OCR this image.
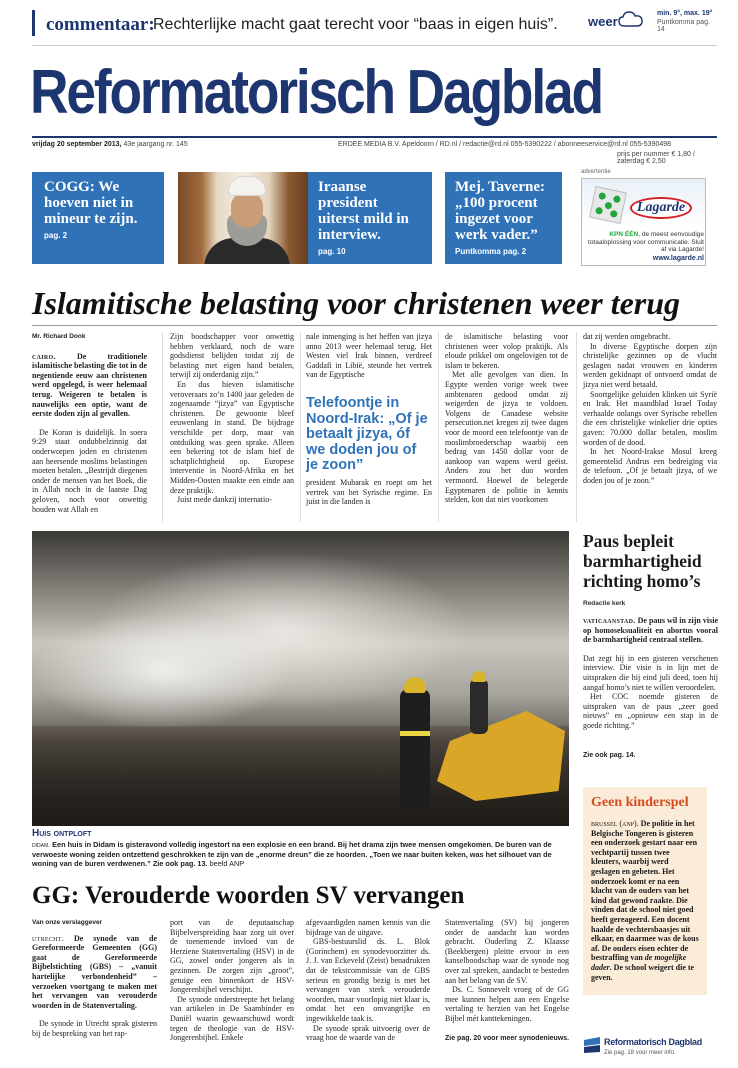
commentaar:
Rechterlijke macht gaat terecht voor “baas in eigen huis”. weer
min. 9°, max. 19°
Puntkomma pag. 14
Reformatorisch Dagblad
vrijdag 20 september 2013, 43e jaargang nr. 145	ERDEE MEDIA B.V. Apeldoorn / RD.nl / redactie@rd.nl 055-5390222 / abonneeservice@rd.nl 055-5390498
prijs per nummer € 1,80 / zaterdag € 2,50
COGG: We hoeven niet in mineur te zijn.
pag. 2
Iraanse president uiterst mild in interview.
pag. 10
Mej. Taverne: „100 procent ingezet voor werk vader.”
Puntkomma pag. 2
advertentie
Lagarde
KPN ÉÉN, de meest eenvoudige totaaloplossing voor communicatie. Sluit af via Lagarde!
www.lagarde.nl
Islamitische belasting voor christenen weer terug
Mr. Richard Donk

cairo.	De traditionele islamitische belasting die tot in de negentiende eeuw aan christenen werd opgelegd, is weer helemaal terug. Weigeren te betalen is nauwelijks een optie, want de eerste doden zijn al gevallen.

De Koran is duidelijk. In soera 9:29 staat ondubbelzinnig dat onderworpen joden en christenen aan heersende moslims belastingen moeten betalen. „Bestrijdt diegenen onder de mensen van het Boek, die in Allah noch in de laatste Dag geloven, noch voor onwettig houden wat Allah en

Zijn boodschapper voor onwettig hebben verklaard, noch de ware godsdienst belijden totdat zij de belasting met eigen hand betalen, terwijl zij onderdanig zijn.”

En dus hieven islamitische veroveraars zo’n 1400 jaar geleden de zogenaamde “jizya” van Egyptische christenen. De gewoonte bleef eeuwenlang in stand. De bijdrage verschilde per dorp, maar van ontduiking was geen sprake. Alleen een bekering tot de islam hief de schatplichtigheid op. Europese interventie in Noord-Afrika en het Midden-Oosten maakte een einde aan deze praktijk.

Juist mede dankzij internatio-

nale inmenging is het heffen van jizya anno 2013 weer helemaal terug. Het Westen viel Irak binnen, verdreef Gaddafi in Libië, steunde het vertrek van de Egyptische

Telefoontje in Noord-Irak: „Of je betaalt jizya, óf we doden jou of je zoon”

president Mubarak en roept om het vertrek van het Syrische regime. En juist in die landen is

de islamitische belasting voor christenen weer volop praktijk. Als eloude prikkel om ongelovigen tot de islam te bekeren.

Met alle gevolgen van dien. In Egypte werden vorige week twee ambtenaren gedood omdat zij weigerden de jizya te voldoen. Volgens de Canadese website persecution.net kregen zij twee dagen voor de moord een telefoontje van de moslimbroederschap waarbij een bedrag van 1450 dollar voor de aankoop van wapens werd geëist. Anders zou het duo worden vermoord. Hoewel de belegerde Egyptenaren de politie in kennis stelden, kon dat niet voorkomen

dat zij werden omgebracht.

In diverse Egyptische dorpen zijn christelijke gezinnen op de vlucht geslagen nadat vrouwen en kinderen werden gekidnapt of ontvoerd omdat de jizya niet werd betaald.

Soortgelijke geluiden klinken uit Syrië en Irak. Het maandblad Israel Today verhaalde onlangs over Syrische rebellen die een christelijke winkelier drie opties gaven: 70.000 dollar betalen, moslim worden of de dood.

In het Noord-Irakse Mosul kreeg gemeentelid Andrus een bedreiging via de telefoon. „Of je betaalt jizya, of we doden jou of je zoon.”

Huis ontploft
didam. Een huis in Didam is gisteravond volledig ingestort na een explosie en een brand. Bij het drama zijn twee mensen omgekomen. De buren van de verwoeste woning zeiden ontzettend geschrokken te zijn van de „enorme dreun” die ze hoorden. „Toen we naar buiten keken, was het silhouet van de woning van de buren verdwenen.” Zie ook pag. 13. beeld ANP
Paus bepleit barmhartigheid richting homo’s
Redactie kerk

vaticaanstad. De paus wil in zijn visie op homoseksualiteit en abortus vooral de barmhartigheid centraal stellen.

Dat zegt hij in een gisteren verschenen interview. Die visie is in lijn met de uitspraken die hij eind juli deed, toen hij aangaf homo’s niet te willen veroordelen.

Het COC noemde gisteren de uitspraken van de paus „zeer goed nieuws” en „opnieuw een stap in de goede richting.”

Zie ook pag. 14.
Geen kinderspel
brussel (anp). De politie in het Belgische Tongeren is gisteren een onderzoek gestart naar een vechtpartij tussen twee kleuters, waarbij werd geslagen en gebeten. Het onderzoek komt er na een klacht van de ouders van het kind dat gewond raakte. Die vinden dat de school niet goed heeft gereageerd. Een docent haalde de vechtersbaasjes uit elkaar, en daarmee was de kous af. De ouders eisen echter de bestraffing van de mogelijke dader. De school weigert die te geven.
GG: Verouderde woorden SV vervangen
Van onze verslaggever

utrecht. De synode van de Gereformeerde Gemeenten (GG) gaat de Gereformeerde Bijbelstichting (GBS) – „vanuit hartelijke verbondenheid” – verzoeken voortgang te maken met het vervangen van verouderde woorden in de Statenvertaling.

De synode in Utrecht sprak gisteren bij de bespreking van het rap-

port van de deputaatschap Bijbelverspreiding haar zorg uit over de toenemende invloed van de Herziene Statenvertaling (HSV) in de GG, zowel onder jongeren als in gezinnen. De zorgen zijn „groot”, getuige een binnenkort de HSV-Jongerenbijbel verschijnt.

De synode onderstreepte het belang van artikelen in De Saambinder en Daniël waarin gewaarschuwd wordt tegen de theologie van de HSV-Jongerenbijbel. Enkele

afgevaardigden namen kennis van die bijdrage van de uitgave.

GBS-bestuurslid ds. L. Blok (Gorinchem) en synodevoorzitter ds. J. J. van Eckeveld (Zeist) benadrukten dat de tekstcommissie van de GBS serieus en grondig bezig is met het vervangen van sterk verouderde woorden, maar voorlopig niet klaar is, omdat het een omvangrijke en ingewikkelde taak is.

De synode sprak uitvoerig over de vraag hoe de waarde van de

Statenvertaling (SV) bij jongeren onder de aandacht kan worden gebracht. Ouderling Z. Klaasse (Beekbergen) pleitte ervoor in een kanselboodschap waar de synode nog over zal spreken, aandacht te besteden aan het belang van de SV.

Ds. C. Sonnevelt vroeg of de GG mee kunnen helpen aan een Engelse vertaling te herzien van het Engelse Bijbel mét kanttekeningen.

Zie pag. 20 voor meer synodenieuws.	Reformatorisch Dagblad
Zie pag. 18 voor meer info.
